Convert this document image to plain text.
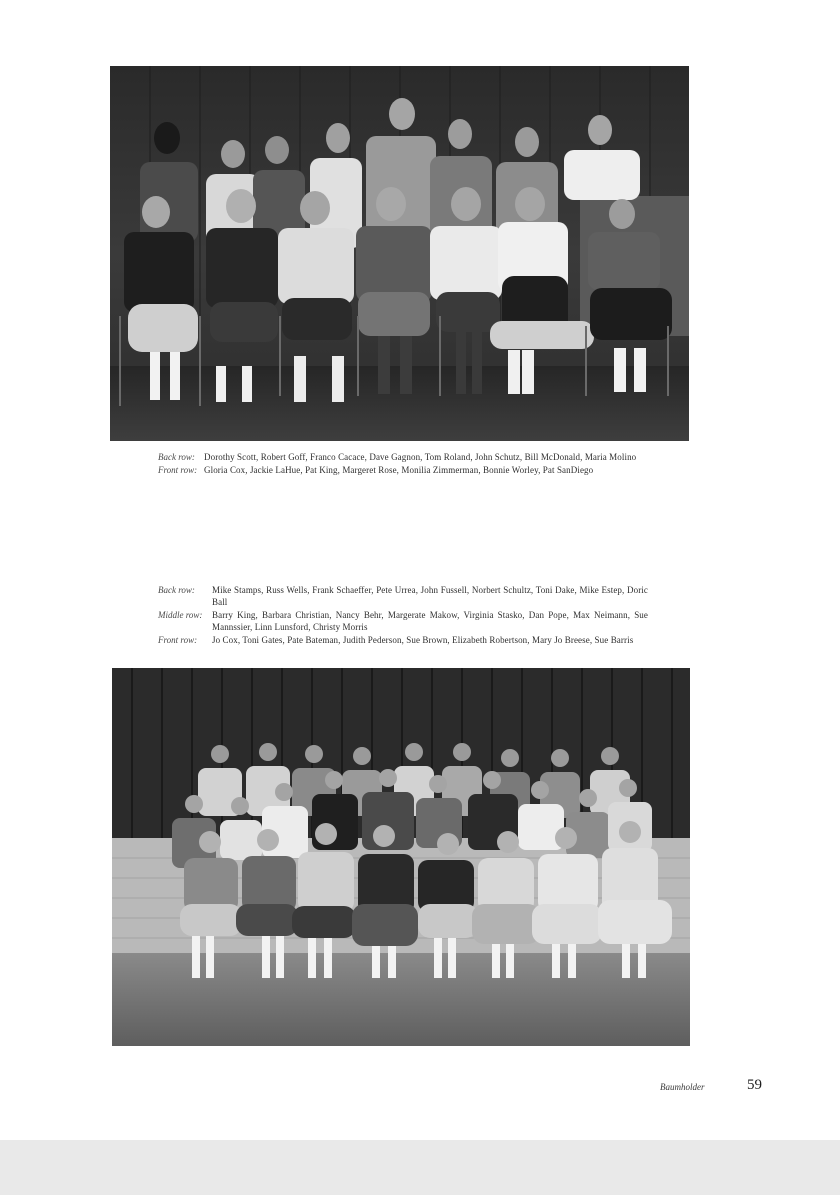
Back row:	Dorothy Scott, Robert Goff, Franco Cacace, Dave Gagnon, Tom Roland, John Schutz, Bill McDonald, Maria Molino
Front row: Gloria Cox, Jackie LaHue, Pat King, Margeret Rose, Monilia Zimmerman, Bonnie Worley, Pat SanDiego
Back row:	Mike Stamps, Russ Wells, Frank Schaeffer, Pete Urrea, John Fussell, Norbert Schultz, Toni Dake, Mike Estep, Doric Ball
Middle row:	Barry King, Barbara Christian, Nancy Behr, Margerate Makow, Virginia Stasko, Dan Pope, Max Neimann, Sue Mannssier, Linn Lunsford, Christy Morris
Front row:	Jo Cox, Toni Gates, Pate Bateman, Judith Pederson, Sue Brown, Elizabeth Robertson, Mary Jo Breese, Sue Barris
Baumholder	59
